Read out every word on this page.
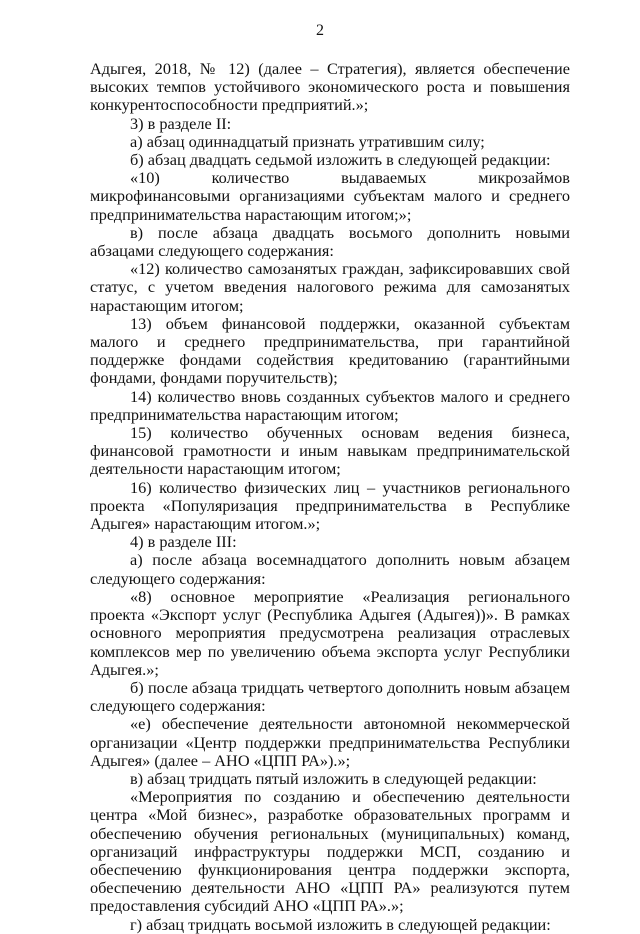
2

Адыгея, 2018, № 12) (далее – Стратегия), является обеспечение высоких темпов устойчивого экономического роста и повышения конкурентоспособности предприятий.»;

3) в разделе II:

а) абзац одиннадцатый признать утратившим силу;

б) абзац двадцать седьмой изложить в следующей редакции:

«10) количество выдаваемых микрозаймов микрофинансовыми организациями субъектам малого и среднего предпринимательства нарастающим итогом;»;

в) после абзаца двадцать восьмого дополнить новыми абзацами следующего содержания:

«12) количество самозанятых граждан, зафиксировавших свой статус, с учетом введения налогового режима для самозанятых нарастающим итогом;

13) объем финансовой поддержки, оказанной субъектам малого и среднего предпринимательства, при гарантийной поддержке фондами содействия кредитованию (гарантийными фондами, фондами поручительств);

14) количество вновь созданных субъектов малого и среднего предпринимательства нарастающим итогом;

15) количество обученных основам ведения бизнеса, финансовой грамотности и иным навыкам предпринимательской деятельности нарастающим итогом;

16) количество физических лиц – участников регионального проекта «Популяризация предпринимательства в Республике Адыгея» нарастающим итогом.»;

4) в разделе III:

а) после абзаца восемнадцатого дополнить новым абзацем следующего содержания:

«8) основное мероприятие «Реализация регионального проекта «Экспорт услуг (Республика Адыгея (Адыгея))». В рамках основного мероприятия предусмотрена реализация отраслевых комплексов мер по увеличению объема экспорта услуг Республики Адыгея.»;

б) после абзаца тридцать четвертого дополнить новым абзацем следующего содержания:

«е) обеспечение деятельности автономной некоммерческой организации «Центр поддержки предпринимательства Республики Адыгея» (далее – АНО «ЦПП РА»).»;

в) абзац тридцать пятый изложить в следующей редакции:

«Мероприятия по созданию и обеспечению деятельности центра «Мой бизнес», разработке образовательных программ и обеспечению обучения региональных (муниципальных) команд, организаций инфраструктуры поддержки МСП, созданию и обеспечению функционирования центра поддержки экспорта, обеспечению деятельности АНО «ЦПП РА» реализуются путем предоставления субсидий АНО «ЦПП РА».»;

г) абзац тридцать восьмой изложить в следующей редакции:
